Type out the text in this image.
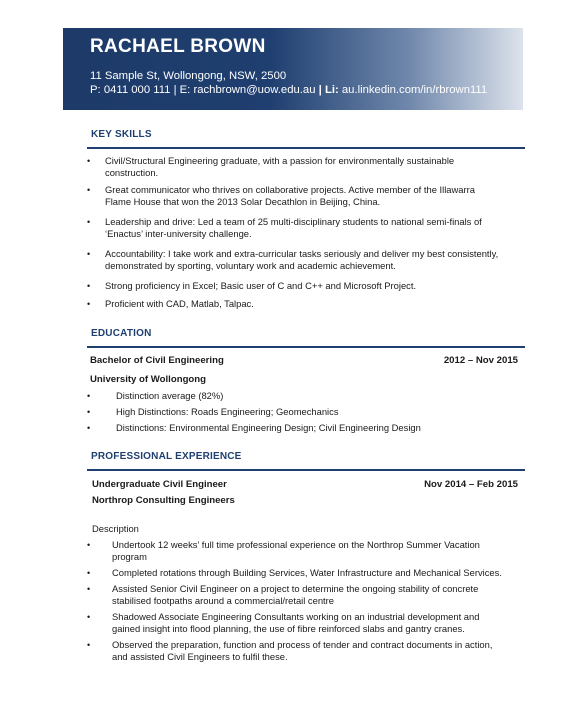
RACHAEL BROWN
11 Sample St, Wollongong, NSW, 2500
P: 0411 000 111 | E: rachbrown@uow.edu.au | Li: au.linkedin.com/in/rbrown111
KEY SKILLS
• Civil/Structural Engineering graduate, with a passion for environmentally sustainable
construction.
• Great communicator who thrives on collaborative projects. Active member of the Illawarra
Flame House that won the 2013 Solar Decathlon in Beijing, China.
• Leadership and drive: Led a team of 25 multi-disciplinary students to national semi-finals of
‘Enactus’ inter-university challenge.
• Accountability: I take work and extra-curricular tasks seriously and deliver my best consistently,
demonstrated by sporting, voluntary work and academic achievement.
• Strong proficiency in Excel; Basic user of C and C++ and Microsoft Project.
• Proficient with CAD, Matlab, Talpac.
EDUCATION
Bachelor of Civil Engineering	2012 – Nov 2015
University of Wollongong
•	Distinction average (82%)
•	High Distinctions: Roads Engineering; Geomechanics
•	Distinctions: Environmental Engineering Design; Civil Engineering Design
PROFESSIONAL EXPERIENCE
Undergraduate Civil Engineer	Nov 2014 – Feb 2015
Northrop Consulting Engineers
Description
• Undertook 12 weeks’ full time professional experience on the Northrop Summer Vacation
program
• Completed rotations through Building Services, Water Infrastructure and Mechanical Services.
• Assisted Senior Civil Engineer on a project to determine the ongoing stability of concrete
stabilised footpaths around a commercial/retail centre
• Shadowed Associate Engineering Consultants working on an industrial development and
gained insight into flood planning, the use of fibre reinforced slabs and gantry cranes.
• Observed the preparation, function and process of tender and contract documents in action,
and assisted Civil Engineers to fulfil these.
